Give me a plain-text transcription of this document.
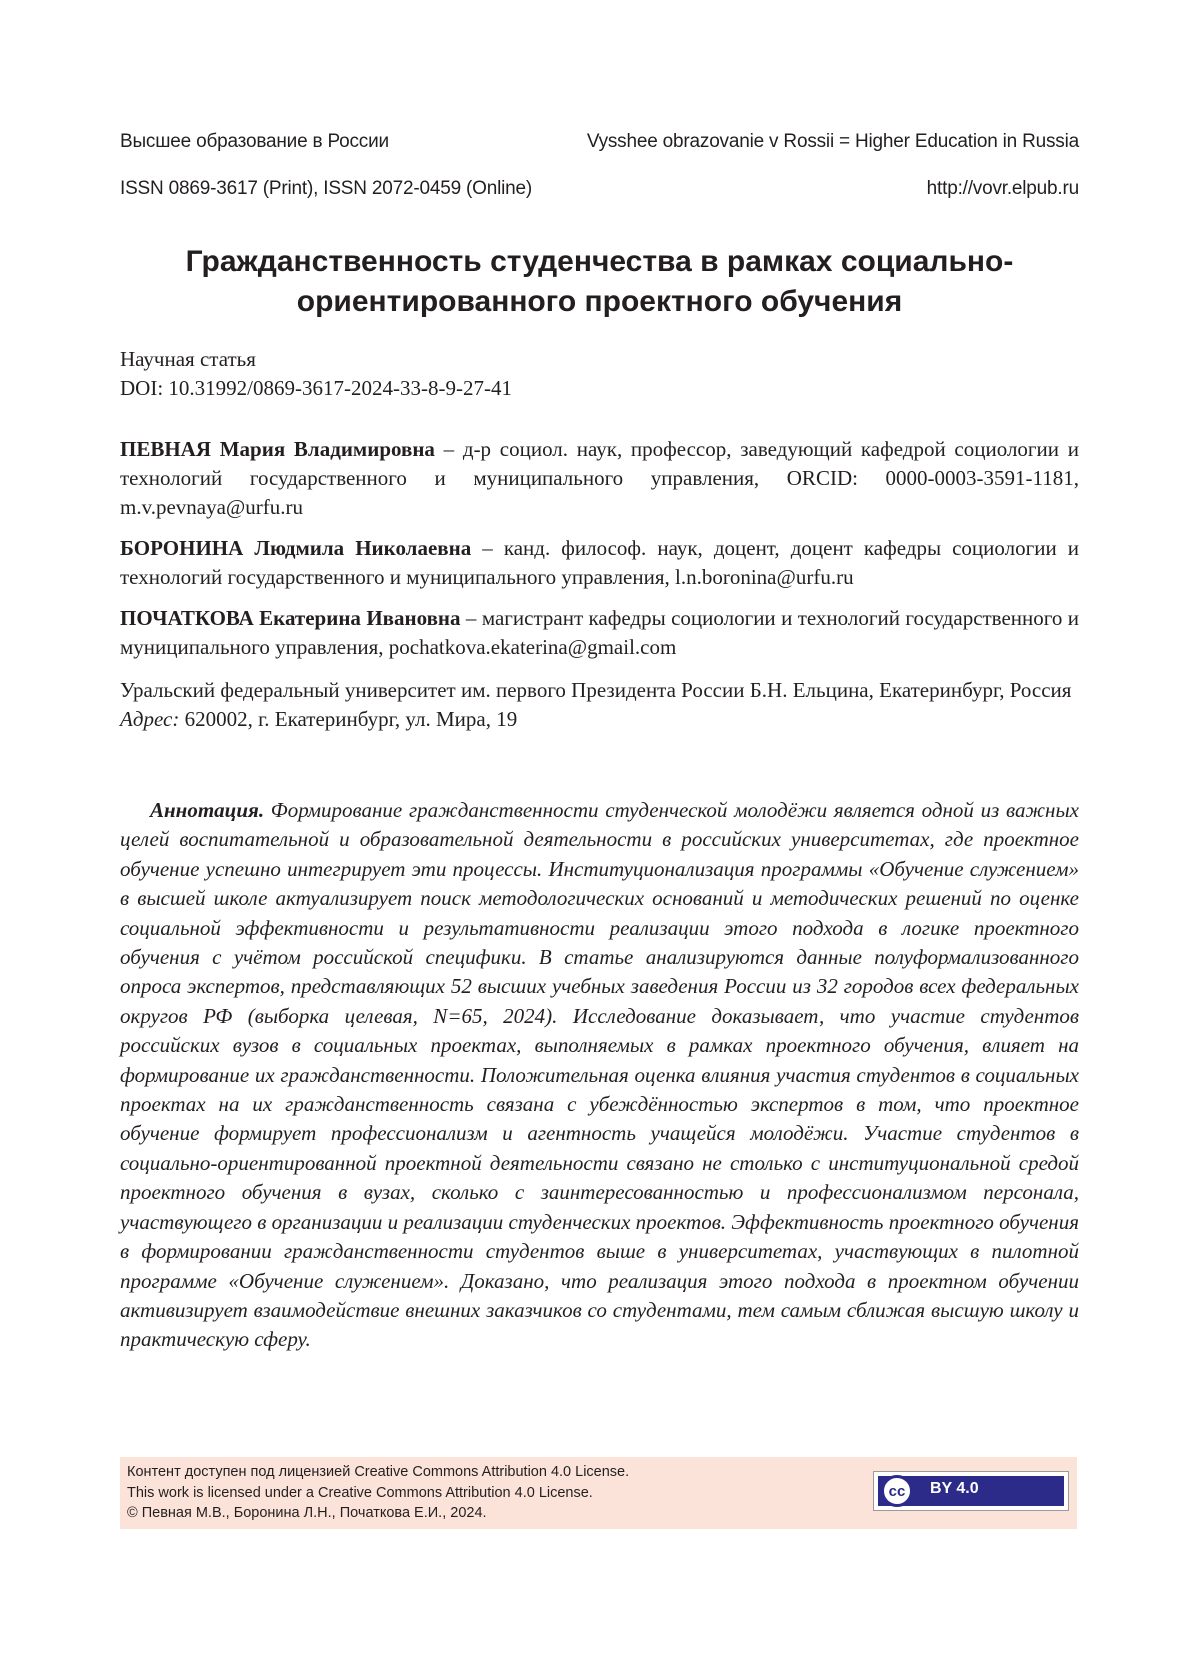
Высшее образование в России	Vysshee obrazovanie v Rossii = Higher Education in Russia
ISSN 0869-3617 (Print), ISSN 2072-0459 (Online)	http://vovr.elpub.ru
Гражданственность студенчества в рамках социально-
ориентированного проектного обучения
Научная статья
DOI: 10.31992/0869-3617-2024-33-8-9-27-41
ПЕВНАЯ Мария Владимировна – д-р социол. наук, профессор, заведующий кафедрой социологии и технологий государственного и муниципального управления, ORCID: 0000-0003-3591-1181, m.v.pevnaya@urfu.ru
БОРОНИНА Людмила Николаевна – канд. философ. наук, доцент, доцент кафедры социологии и технологий государственного и муниципального управления, l.n.boronina@urfu.ru
ПОЧАТКОВА Екатерина Ивановна – магистрант кафедры социологии и технологий государственного и муниципального управления, pochatkova.ekaterina@gmail.com
Уральский федеральный университет им. первого Президента России Б.Н. Ельцина, Екатеринбург, Россия
Адрес: 620002, г. Екатеринбург, ул. Мира, 19
Аннотация. Формирование гражданственности студенческой молодёжи является одной из важных целей воспитательной и образовательной деятельности в российских университетах, где проектное обучение успешно интегрирует эти процессы. Институционализация программы «Обучение служением» в высшей школе актуализирует поиск методологических оснований и методических решений по оценке социальной эффективности и результативности реализации этого подхода в логике проектного обучения с учётом российской специфики. В статье анализируются данные полуформализованного опроса экспертов, представляющих 52 высших учебных заведения России из 32 городов всех федеральных округов РФ (выборка целевая, N=65, 2024). Исследование доказывает, что участие студентов российских вузов в социальных проектах, выполняемых в рамках проектного обучения, влияет на формирование их гражданственности. Положительная оценка влияния участия студентов в социальных проектах на их гражданственность связана с убеждённостью экспертов в том, что проектное обучение формирует профессионализм и агентность учащейся молодёжи. Участие студентов в социально-ориентированной проектной деятельности связано не столько с институциональной средой проектного обучения в вузах, сколько с заинтересованностью и профессионализмом персонала, участвующего в организации и реализации студенческих проектов. Эффективность проектного обучения в формировании гражданственности студентов выше в университетах, участвующих в пилотной программе «Обучение служением». Доказано, что реализация этого подхода в проектном обучении активизирует взаимодействие внешних заказчиков со студентами, тем самым сближая высшую школу и практическую сферу.
Контент доступен под лицензией Creative Commons Attribution 4.0 License.
This work is licensed under a Creative Commons Attribution 4.0 License.
© Певная М.В., Боронина Л.Н., Початкова Е.И., 2024.
cc	BY 4.0
